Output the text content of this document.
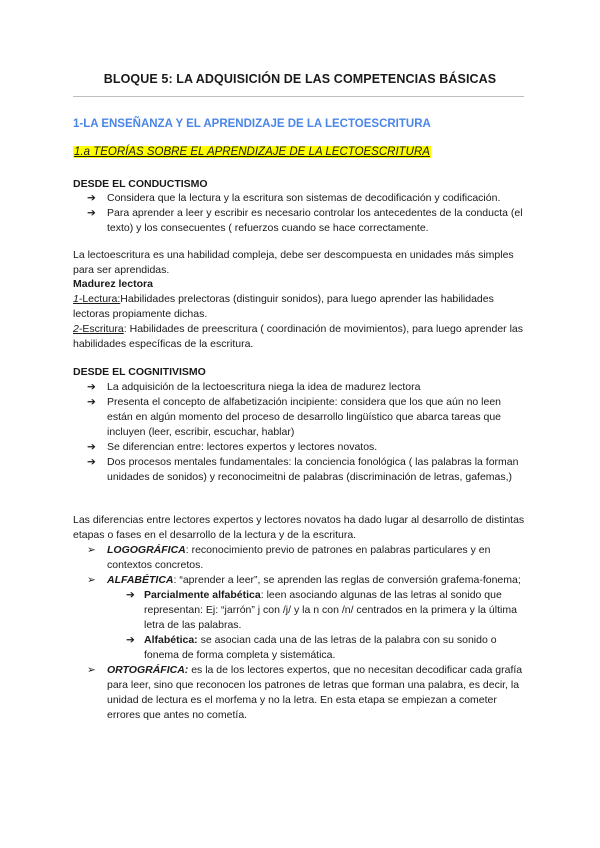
BLOQUE 5: LA ADQUISICIÓN DE LAS COMPETENCIAS BÁSICAS
1-LA ENSEÑANZA Y EL APRENDIZAJE DE LA LECTOESCRITURA
1.a TEORÍAS SOBRE EL APRENDIZAJE DE LA LECTOESCRITURA
DESDE EL CONDUCTISMO
➔ Considera que la lectura y la escritura son sistemas de decodificación y codificación.
➔ Para aprender a leer y escribir es necesario controlar los antecedentes de la conducta (el texto) y los consecuentes ( refuerzos cuando se hace correctamente.
La lectoescritura es una habilidad compleja, debe ser descompuesta en unidades más simples para ser aprendidas.
Madurez lectora
1-Lectura:Habilidades prelectoras (distinguir sonidos), para luego aprender las habilidades lectoras propiamente dichas.
2-Escritura: Habilidades de preescritura ( coordinación de movimientos), para luego aprender las habilidades específicas de la escritura.
DESDE EL COGNITIVISMO
➔ La adquisición de la lectoescritura niega la idea de madurez lectora
➔ Presenta el concepto de alfabetización incipiente: considera que los que aún no leen están en algún momento del proceso de desarrollo lingüístico que abarca tareas que incluyen (leer, escribir, escuchar, hablar)
➔ Se diferencian entre: lectores expertos y lectores novatos.
➔ Dos procesos mentales fundamentales: la conciencia fonológica ( las palabras la forman unidades de sonidos) y reconocimeitni de palabras (discriminación de letras, gafemas,)
Las diferencias entre lectores expertos y lectores novatos ha dado lugar al desarrollo de distintas etapas o fases en el desarrollo de la lectura y de la escritura.
➢ LOGOGRÁFICA: reconocimiento previo de patrones en palabras particulares y en contextos concretos.
➢ ALFABÉTICA: “aprender a leer”, se aprenden las reglas de conversión grafema-fonema;
➔ Parcialmente alfabética: leen asociando algunas de las letras al sonido que representan: Ej: “jarrón” j con /j/ y la n con /n/ centrados en la primera y la última letra de las palabras.
➔ Alfabética: se asocian cada una de las letras de la palabra con su sonido o fonema de forma completa y sistemática.
➢ ORTOGRÁFICA: es la de los lectores expertos, que no necesitan decodificar cada grafía para leer, sino que reconocen los patrones de letras que forman una palabra, es decir, la unidad de lectura es el morfema y no la letra. En esta etapa se empiezan a cometer errores que antes no cometía.
